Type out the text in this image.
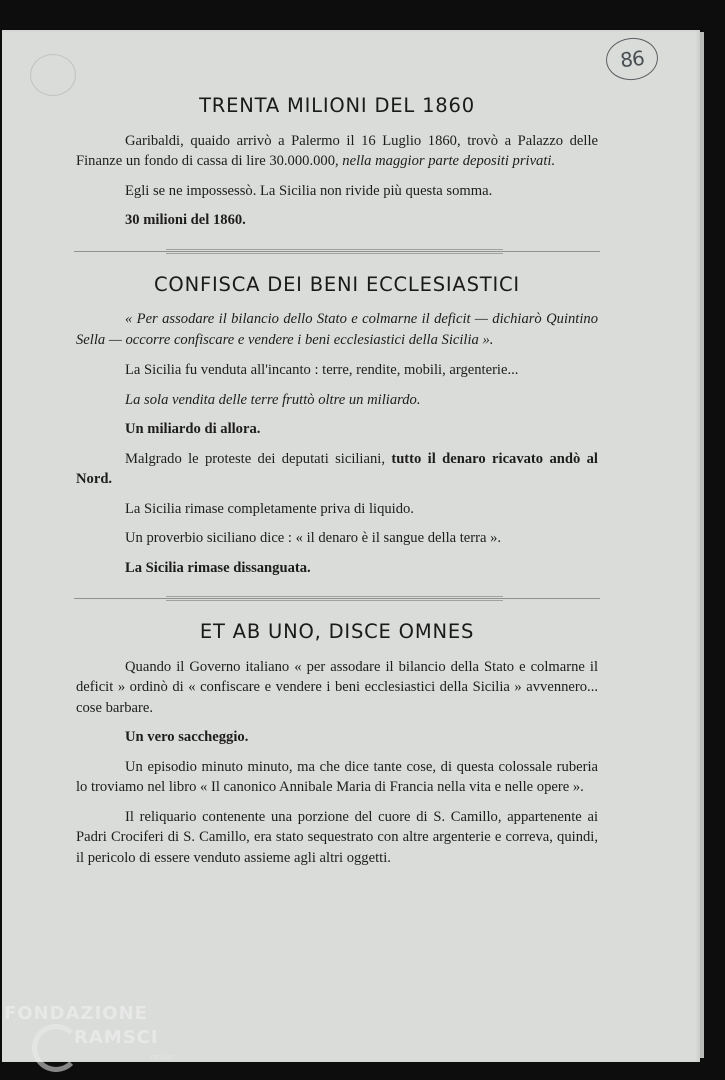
86
TRENTA MILIONI DEL 1860

Garibaldi, quaido arrivò a Palermo il 16 Luglio 1860, trovò a Palazzo delle Finanze un fondo di cassa di lire 30.000.000, nella maggior parte depositi privati.

Egli se ne impossessò. La Sicilia non rivide più questa somma.

30 milioni del 1860.

CONFISCA DEI BENI ECCLESIASTICI

« Per assodare il bilancio dello Stato e colmarne il deficit — dichiarò Quintino Sella — occorre confiscare e vendere i beni ecclesiastici della Sicilia ».

La Sicilia fu venduta all'incanto : terre, rendite, mobili, argenterie...

La sola vendita delle terre fruttò oltre un miliardo.

Un miliardo di allora.

Malgrado le proteste dei deputati siciliani, tutto il denaro ricavato andò al Nord.

La Sicilia rimase completamente priva di liquido.

Un proverbio siciliano dice : « il denaro è il sangue della terra ».

La Sicilia rimase dissanguata.

ET AB UNO, DISCE OMNES

Quando il Governo italiano « per assodare il bilancio della Stato e colmarne il deficit » ordinò di « confiscare e vendere i beni ecclesiastici della Sicilia » avvennero... cose barbare.

Un vero saccheggio.

Un episodio minuto minuto, ma che dice tante cose, di questa colossale ruberia lo troviamo nel libro « Il canonico Annibale Maria di Francia nella vita e nelle opere ».

Il reliquario contenente una porzione del cuore di S. Camillo, appartenente ai Padri Crociferi di S. Camillo, era stato sequestrato con altre argenterie e correva, quindi, il pericolo di essere venduto assieme agli altri oggetti.

FONDAZIONE
RAMSCI
onlus
